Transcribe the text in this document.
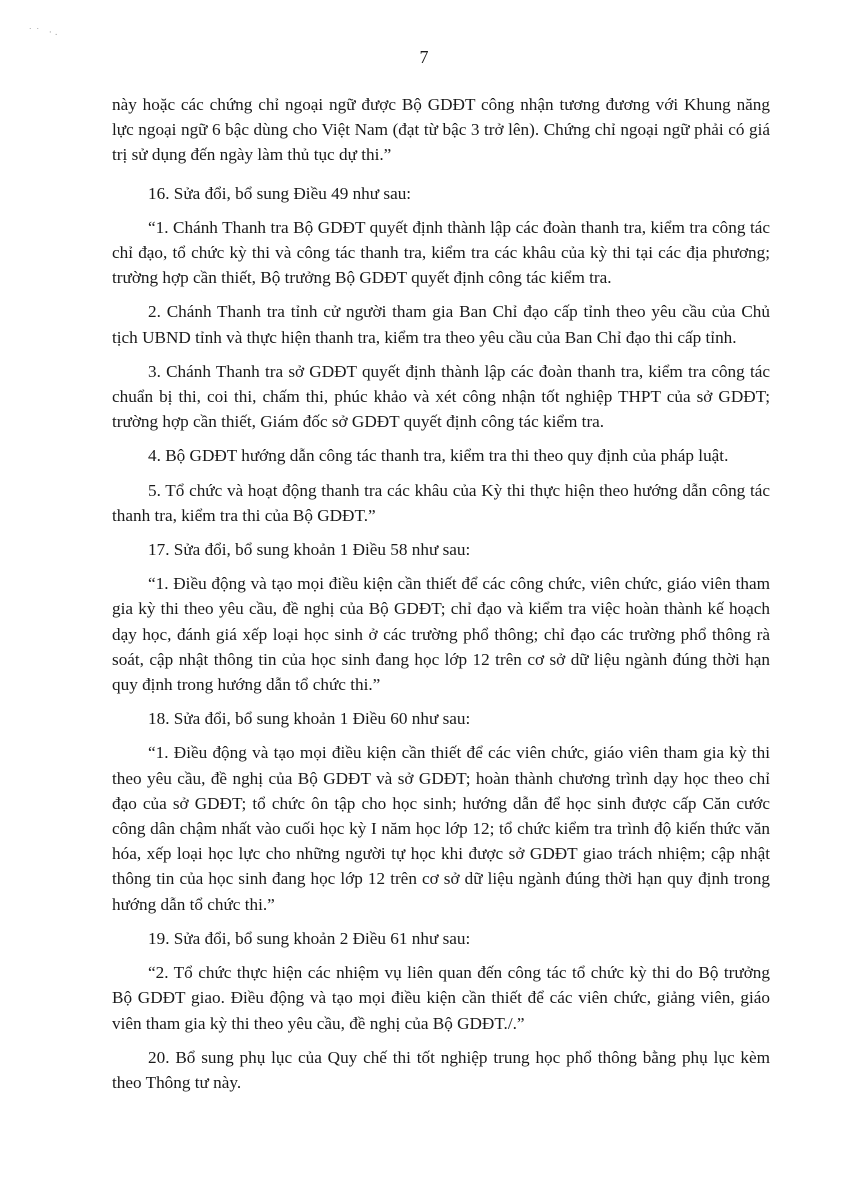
˙˙ ·.
7

này hoặc các chứng chỉ ngoại ngữ được Bộ GDĐT công nhận tương đương với Khung năng lực ngoại ngữ 6 bậc dùng cho Việt Nam (đạt từ bậc 3 trở lên). Chứng chỉ ngoại ngữ phải có giá trị sử dụng đến ngày làm thủ tục dự thi.”

16. Sửa đổi, bổ sung Điều 49 như sau:

“1. Chánh Thanh tra Bộ GDĐT quyết định thành lập các đoàn thanh tra, kiểm tra công tác chỉ đạo, tổ chức kỳ thi và công tác thanh tra, kiểm tra các khâu của kỳ thi tại các địa phương; trường hợp cần thiết, Bộ trưởng Bộ GDĐT quyết định công tác kiểm tra.

2. Chánh Thanh tra tỉnh cử người tham gia Ban Chỉ đạo cấp tỉnh theo yêu cầu của Chủ tịch UBND tỉnh và thực hiện thanh tra, kiểm tra theo yêu cầu của Ban Chỉ đạo thi cấp tỉnh.

3. Chánh Thanh tra sở GDĐT quyết định thành lập các đoàn thanh tra, kiểm tra công tác chuẩn bị thi, coi thi, chấm thi, phúc khảo và xét công nhận tốt nghiệp THPT của sở GDĐT; trường hợp cần thiết, Giám đốc sở GDĐT quyết định công tác kiểm tra.

4. Bộ GDĐT hướng dẫn công tác thanh tra, kiểm tra thi theo quy định của pháp luật.

5. Tổ chức và hoạt động thanh tra các khâu của Kỳ thi thực hiện theo hướng dẫn công tác thanh tra, kiểm tra thi của Bộ GDĐT.”

17. Sửa đổi, bổ sung khoản 1 Điều 58 như sau:

“1. Điều động và tạo mọi điều kiện cần thiết để các công chức, viên chức, giáo viên tham gia kỳ thi theo yêu cầu, đề nghị của Bộ GDĐT; chỉ đạo và kiểm tra việc hoàn thành kế hoạch dạy học, đánh giá xếp loại học sinh ở các trường phổ thông; chỉ đạo các trường phổ thông rà soát, cập nhật thông tin của học sinh đang học lớp 12 trên cơ sở dữ liệu ngành đúng thời hạn quy định trong hướng dẫn tổ chức thi.”

18. Sửa đổi, bổ sung khoản 1 Điều 60 như sau:

“1. Điều động và tạo mọi điều kiện cần thiết để các viên chức, giáo viên tham gia kỳ thi theo yêu cầu, đề nghị của Bộ GDĐT và sở GDĐT; hoàn thành chương trình dạy học theo chỉ đạo của sở GDĐT; tổ chức ôn tập cho học sinh; hướng dẫn để học sinh được cấp Căn cước công dân chậm nhất vào cuối học kỳ I năm học lớp 12; tổ chức kiểm tra trình độ kiến thức văn hóa, xếp loại học lực cho những người tự học khi được sở GDĐT giao trách nhiệm; cập nhật thông tin của học sinh đang học lớp 12 trên cơ sở dữ liệu ngành đúng thời hạn quy định trong hướng dẫn tổ chức thi.”

19. Sửa đổi, bổ sung khoản 2 Điều 61 như sau:

“2. Tổ chức thực hiện các nhiệm vụ liên quan đến công tác tổ chức kỳ thi do Bộ trưởng Bộ GDĐT giao. Điều động và tạo mọi điều kiện cần thiết để các viên chức, giảng viên, giáo viên tham gia kỳ thi theo yêu cầu, đề nghị của Bộ GDĐT./.”

20. Bổ sung phụ lục của Quy chế thi tốt nghiệp trung học phổ thông bằng phụ lục kèm theo Thông tư này.
